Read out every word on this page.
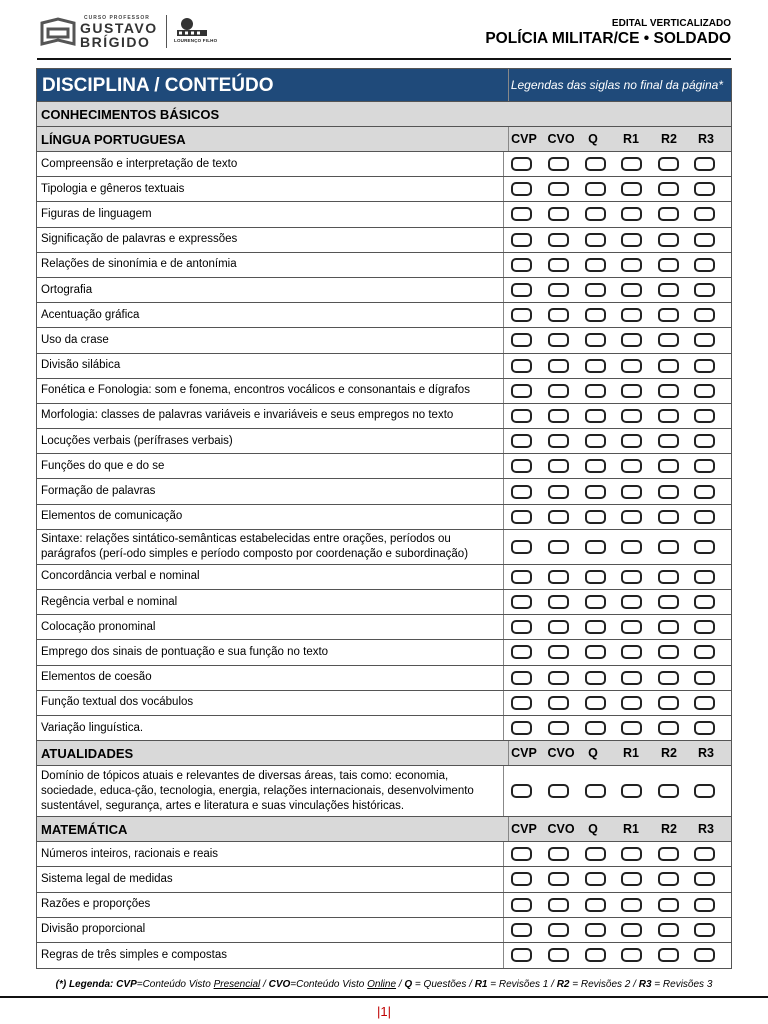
CURSO PROFESSOR
GUSTAVO
BRÍGIDO	LOURENÇO FILHO
EDITAL VERTICALIZADO
POLÍCIA MILITAR/CE • SOLDADO
DISCIPLINA / CONTEÚDO	Legendas das siglas no final da página*
CONHECIMENTOS BÁSICOS
LÍNGUA PORTUGUESA	CVP CVO Q R1 R2 R3
Compreensão e interpretação de texto
Tipologia e gêneros textuais
Figuras de linguagem
Significação de palavras e expressões
Relações de sinonímia e de antonímia
Ortografia
Acentuação gráfica
Uso da crase
Divisão silábica
Fonética e Fonologia: som e fonema, encontros vocálicos e consonantais e dígrafos
Morfologia: classes de palavras variáveis e invariáveis e seus empregos no texto
Locuções verbais (perífrases verbais)
Funções do que e do se
Formação de palavras
Elementos de comunicação
Sintaxe: relações sintático-semânticas estabelecidas entre orações, períodos ou parágrafos (perí-odo simples e período composto por coordenação e subordinação)
Concordância verbal e nominal
Regência verbal e nominal
Colocação pronominal
Emprego dos sinais de pontuação e sua função no texto
Elementos de coesão
Função textual dos vocábulos
Variação linguística.
ATUALIDADES	CVP CVO Q R1 R2 R3
Domínio de tópicos atuais e relevantes de diversas áreas, tais como: economia, sociedade, educa-ção, tecnologia, energia, relações internacionais, desenvolvimento sustentável, segurança, artes e literatura e suas vinculações históricas.
MATEMÁTICA	CVP CVO Q R1 R2 R3
Números inteiros, racionais e reais
Sistema legal de medidas
Razões e proporções
Divisão proporcional
Regras de três simples e compostas
(*) Legenda: CVP=Conteúdo Visto Presencial / CVO=Conteúdo Visto Online / Q = Questões / R1 = Revisões 1 / R2 = Revisões 2 / R3 = Revisões 3
|1|
